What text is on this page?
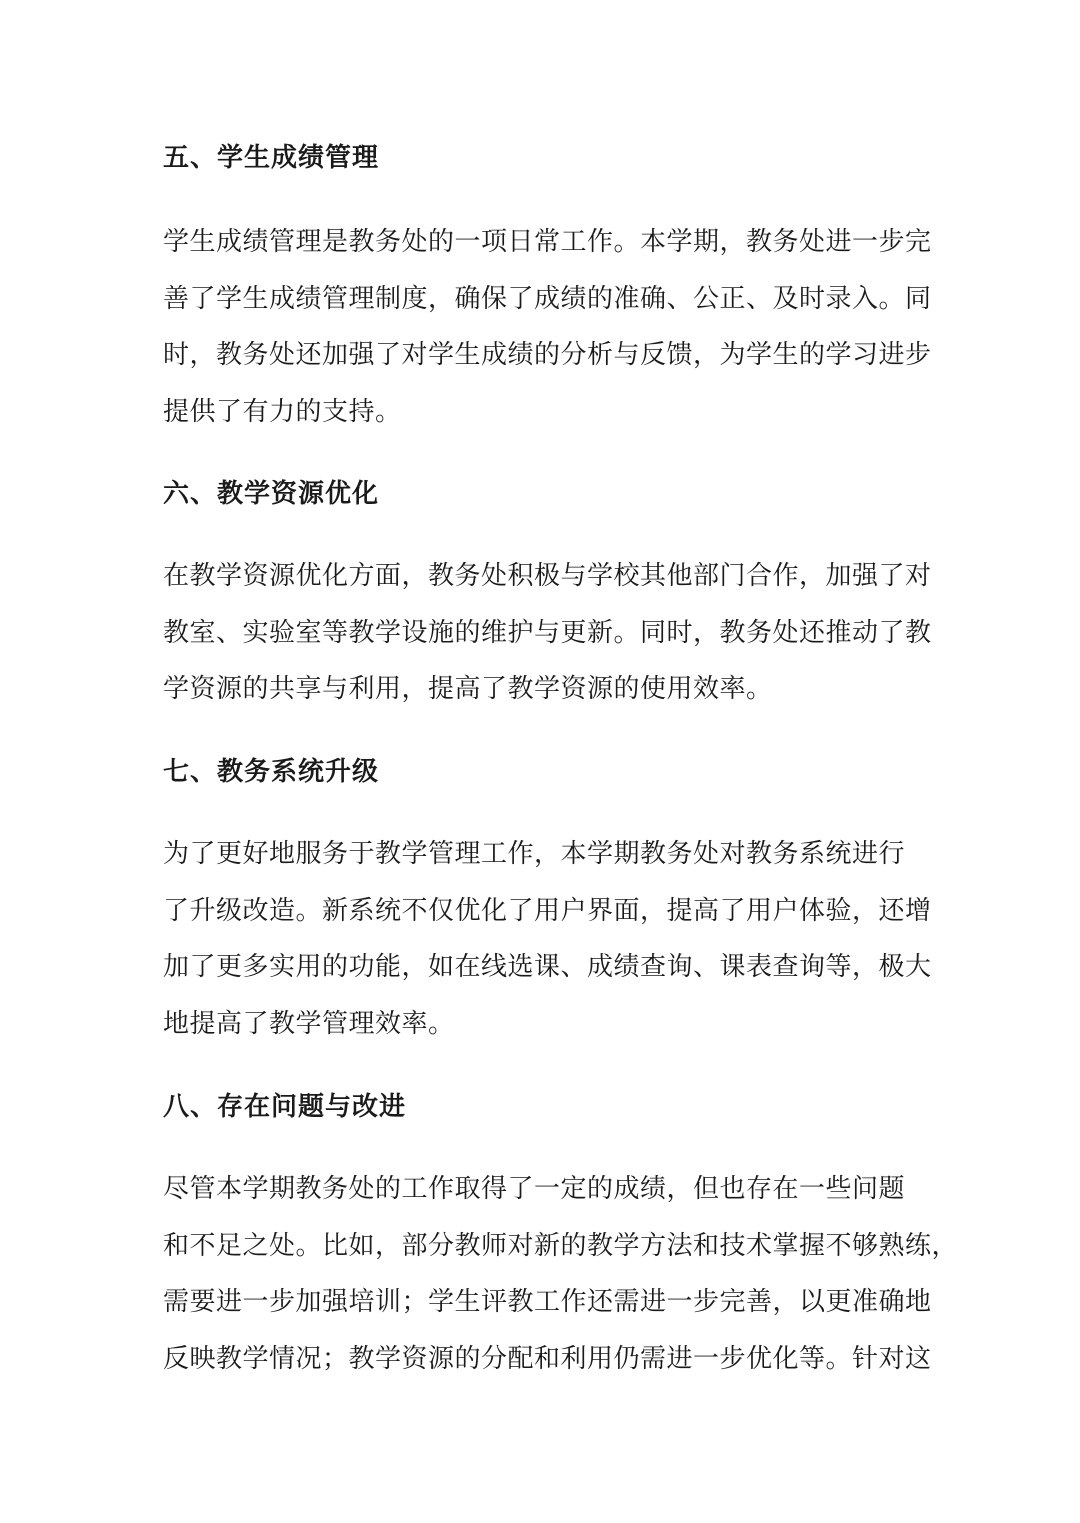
五、学生成绩管理
学生成绩管理是教务处的一项日常工作。本学期，教务处进一步完
善了学生成绩管理制度，确保了成绩的准确、公正、及时录入。同
时，教务处还加强了对学生成绩的分析与反馈，为学生的学习进步
提供了有力的支持。
六、教学资源优化
在教学资源优化方面，教务处积极与学校其他部门合作，加强了对
教室、实验室等教学设施的维护与更新。同时，教务处还推动了教
学资源的共享与利用，提高了教学资源的使用效率。
七、教务系统升级
为了更好地服务于教学管理工作，本学期教务处对教务系统进行
了升级改造。新系统不仅优化了用户界面，提高了用户体验，还增
加了更多实用的功能，如在线选课、成绩查询、课表查询等，极大
地提高了教学管理效率。
八、存在问题与改进
尽管本学期教务处的工作取得了一定的成绩，但也存在一些问题
和不足之处。比如，部分教师对新的教学方法和技术掌握不够熟练，
需要进一步加强培训；学生评教工作还需进一步完善，以更准确地
反映教学情况；教学资源的分配和利用仍需进一步优化等。针对这
